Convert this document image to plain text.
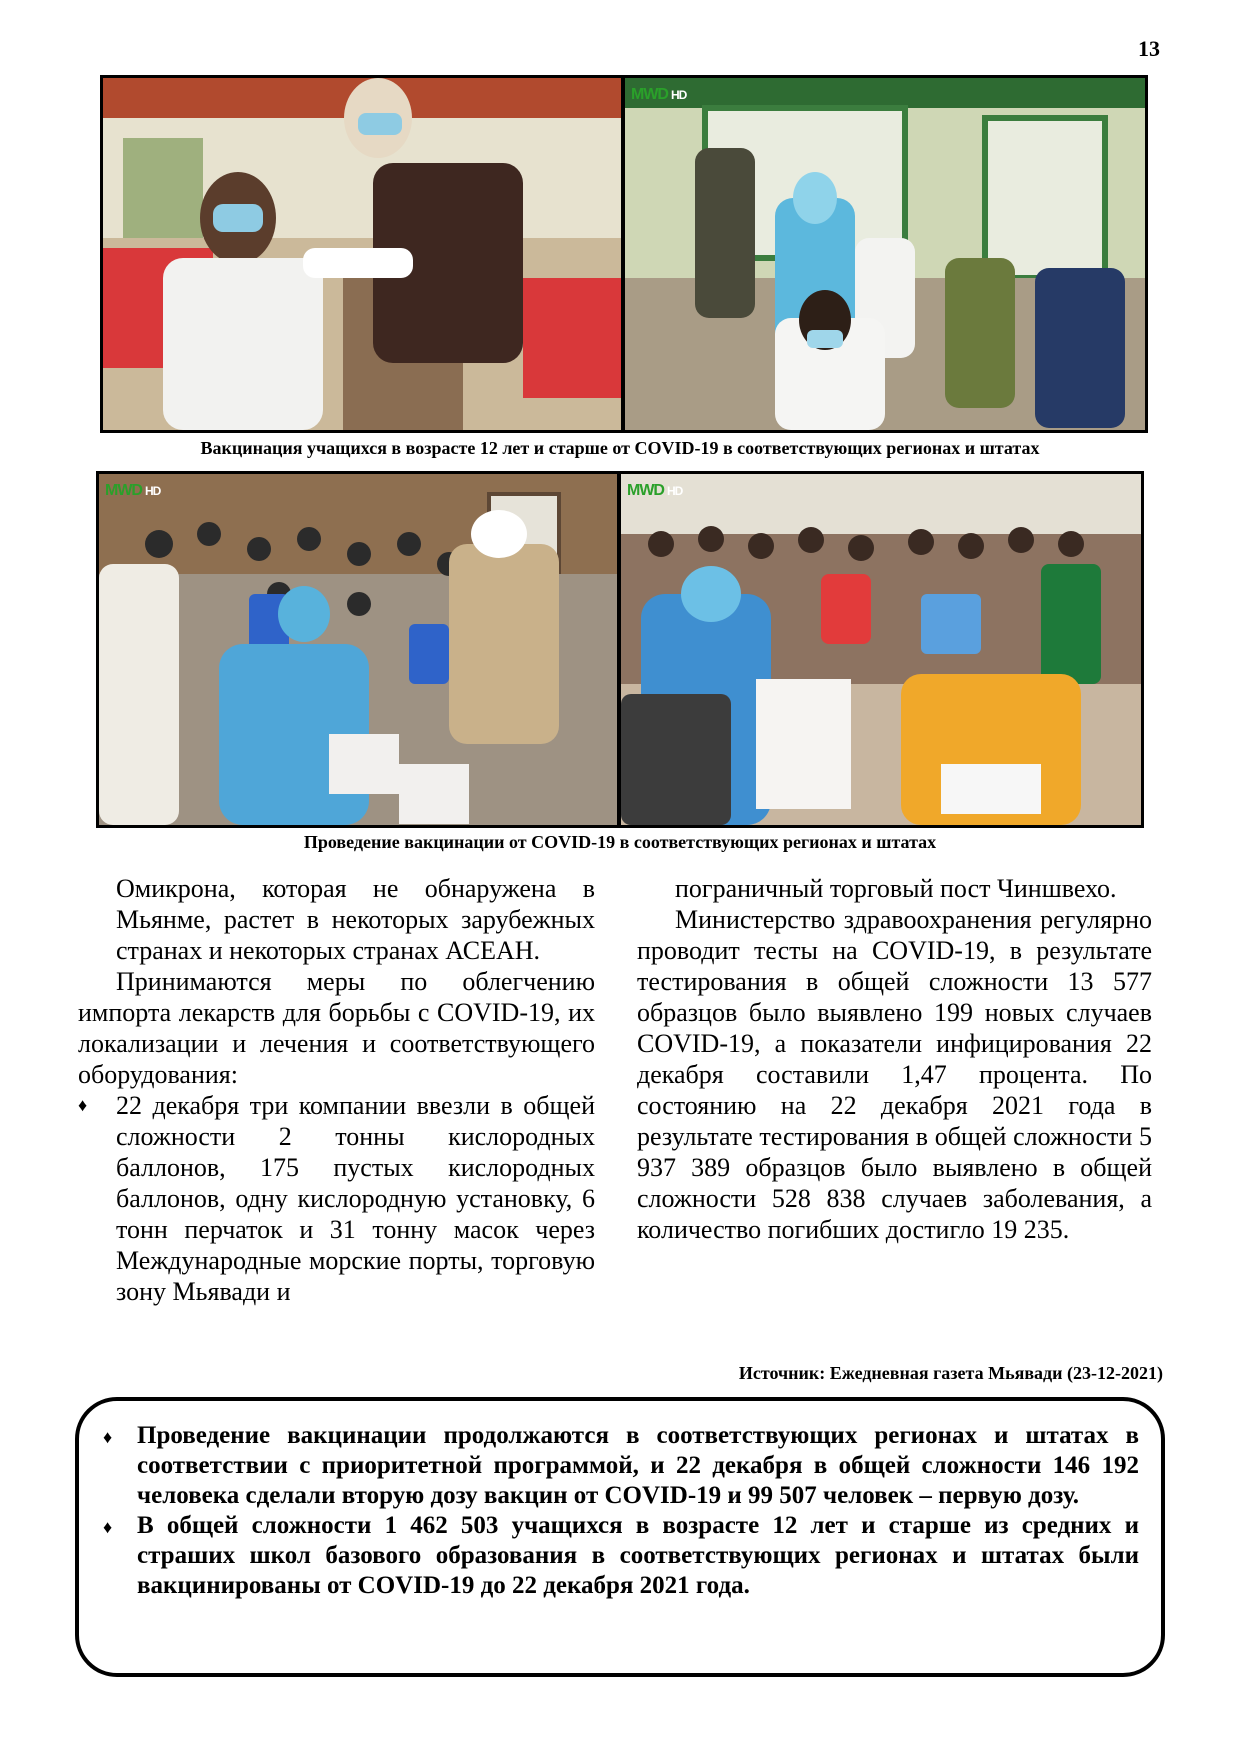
13
MWD HD
Вакцинация учащихся в возрасте 12 лет и старше от COVID-19 в соответствующих регионах и штатах
MWD HD	MWD HD
Проведение вакцинации от COVID-19 в соответствующих регионах и штатах

Омикрона, которая не обнаружена в Мьянме, растет в некоторых зарубежных странах и некоторых странах АСЕАН.

Принимаются меры по облегчению импорта лекарств для борьбы с COVID-19, их локализации и лечения и соответствующего оборудования:

♦ 22 декабря три компании ввезли в общей сложности 2 тонны кислородных баллонов, 175 пустых кислородных баллонов, одну кислородную установку, 6 тонн перчаток и 31 тонну масок через Международные морские порты, торговую зону Мьявади и

пограничный торговый пост Чиншвехо.

Министерство здравоохранения регулярно проводит тесты на COVID-19, в результате тестирования в общей сложности 13 577 образцов было выявлено 199 новых случаев COVID-19, а показатели инфицирования 22 декабря составили 1,47 процента. По состоянию на 22 декабря 2021 года в результате тестирования в общей сложности 5 937 389 образцов было выявлено в общей сложности 528 838 случаев заболевания, а количество погибших достигло 19 235.

Источник: Ежедневная газета Мьявади (23-12-2021)
♦ Проведение вакцинации продолжаются в соответствующих регионах и штатах в соответствии с приоритетной программой, и 22 декабря в общей сложности 146 192 человека сделали вторую дозу вакцин от COVID-19 и 99 507 человек – первую дозу.
♦ В общей сложности 1 462 503 учащихся в возрасте 12 лет и старше из средних и страших школ базового образования в соответствующих регионах и штатах были вакцинированы от COVID-19 до 22 декабря 2021 года.
